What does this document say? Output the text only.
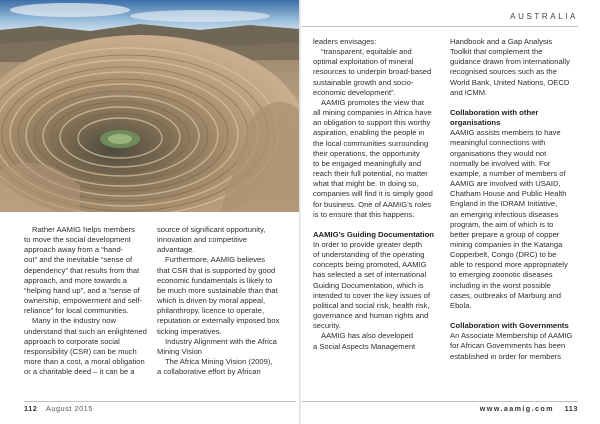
Rather AAMIG helps members

to move the social development

approach away from a “hand-

out” and the inevitable “sense of

dependency” that results from that

approach, and more towards a

“helping hand up”, and a “sense of

ownership, empowerment and self-

reliance” for local communities.

Many in the industry now

understand that such an enlightened

approach to corporate social

responsibility (CSR) can be much

more than a cost, a moral obligation

or a charitable deed – it can be a

source of significant opportunity,

innovation and competitive

advantage.

Furthermore, AAMIG believes

that CSR that is supported by good

economic fundamentals is likely to

be much more sustainable than that

which is driven by moral appeal,

philanthropy, licence to operate,

reputation or externally imposed box

ticking imperatives.

Industry Alignment with the Africa

Mining Vision

The Africa Mining Vision (2009),

a collaborative effort by African

112 August 2015
AUSTRALIA

leaders envisages:

“transparent, equitable and

optimal exploitation of mineral

resources to underpin broad-based

sustainable growth and socio-

economic development”.

AAMIG promotes the view that

all mining companies in Africa have

an obligation to support this worthy

aspiration, enabling the people in

the local communities surrounding

their operations, the opportunity

to be engaged meaningfully and

reach their full potential, no matter

what that might be. In doing so,

companies will find it is simply good

for business. One of AAMIG’s roles

is to ensure that this happens.

AAMIG’s Guiding Documentation

In order to provide greater depth

of understanding of the operating

concepts being promoted, AAMIG

has selected a set of international

Guiding Documentation, which is

intended to cover the key issues of

political and social risk, health risk,

governance and human rights and

security.

AAMIG has also developed

a Social Aspects Management

Handbook and a Gap Analysis

Toolkit that complement the

guidance drawn from internationally

recognised sources such as the

World Bank, United Nations, OECD

and ICMM.

Collaboration with other organisations

AAMIG assists members to have

meaningful connections with

organisations they would not

normally be involved with. For

example, a number of members of

AAMIG are involved with USAID,

Chatham House and Public Health

England in the IDRAM Initiative,

an emerging infectious diseases

program, the aim of which is to

better prepare a group of copper

mining companies in the Katanga

Copperbelt, Congo (DRC) to be

able to respond more appropriately

to emerging zoonotic diseases

including in the worst possible

cases, outbreaks of Marburg and

Ebola.

Collaboration with Governments

An Associate Membership of AAMIG

for African Governments has been

established in order for members

www.aamig.com 113
